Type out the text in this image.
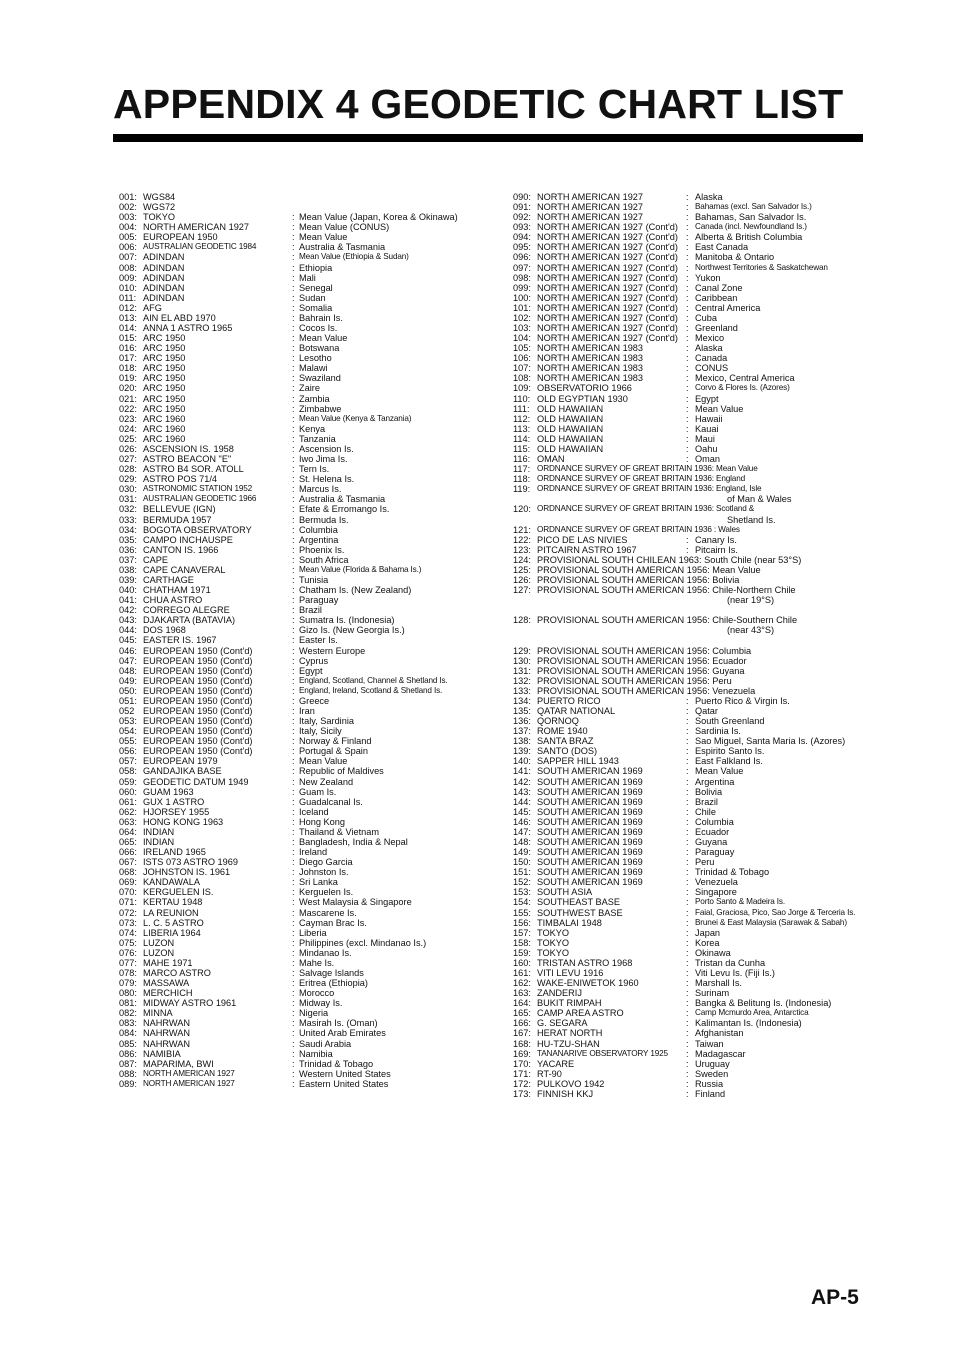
APPENDIX 4 GEODETIC CHART LIST
001: WGS84
002: WGS72
003: TOKYO	: Mean Value (Japan, Korea & Okinawa)
004: NORTH AMERICAN 1927	: Mean Value (CONUS)
005: EUROPEAN 1950	: Mean Value
006: AUSTRALIAN GEODETIC 1984	: Australia & Tasmania
007: ADINDAN	: Mean Value (Ethiopia & Sudan)
008: ADINDAN	: Ethiopia
009: ADINDAN	: Mali
010: ADINDAN	: Senegal
011: ADINDAN	: Sudan
012: AFG	: Somalia
013: AIN EL ABD 1970	: Bahrain Is.
014: ANNA 1 ASTRO 1965	: Cocos Is.
015: ARC 1950	: Mean Value
016: ARC 1950	: Botswana
017: ARC 1950	: Lesotho
018: ARC 1950	: Malawi
019: ARC 1950	: Swaziland
020: ARC 1950	: Zaire
021: ARC 1950	: Zambia
022: ARC 1950	: Zimbabwe
023: ARC 1960	: Mean Value (Kenya & Tanzania)
024: ARC 1960	: Kenya
025: ARC 1960	: Tanzania
026: ASCENSION IS. 1958	: Ascension Is.
027: ASTRO BEACON "E"	: Iwo Jima Is.
028: ASTRO B4 SOR. ATOLL	: Tern Is.
029: ASTRO POS 71/4	: St. Helena Is.
030: ASTRONOMIC STATION 1952	: Marcus Is.
031: AUSTRALIAN GEODETIC 1966	: Australia & Tasmania
032: BELLEVUE (IGN)	: Efate & Erromango Is.
033: BERMUDA 1957	: Bermuda Is.
034: BOGOTA OBSERVATORY	: Columbia
035: CAMPO INCHAUSPE	: Argentina
036: CANTON IS. 1966	: Phoenix Is.
037: CAPE	: South Africa
038: CAPE CANAVERAL	: Mean Value (Florida & Bahama Is.)
039: CARTHAGE	: Tunisia
040: CHATHAM 1971	: Chatham Is. (New Zealand)
041: CHUA ASTRO	: Paraguay
042: CORREGO ALEGRE	: Brazil
043: DJAKARTA (BATAVIA)	: Sumatra Is. (Indonesia)
044: DOS 1968	: Gizo Is. (New Georgia Is.)
045: EASTER IS. 1967	: Easter Is.
046: EUROPEAN 1950 (Cont'd)	: Western Europe
047: EUROPEAN 1950 (Cont'd)	: Cyprus
048: EUROPEAN 1950 (Cont'd)	: Egypt
049: EUROPEAN 1950 (Cont'd)	: England, Scotland, Channel & Shetland Is.
050: EUROPEAN 1950 (Cont'd)	: England, Ireland, Scotland & Shetland Is.
051: EUROPEAN 1950 (Cont'd)	: Greece
052 EUROPEAN 1950 (Cont'd)	: Iran
053: EUROPEAN 1950 (Cont'd)	: Italy, Sardinia
054: EUROPEAN 1950 (Cont'd)	: Italy, Sicily
055: EUROPEAN 1950 (Cont'd)	: Norway & Finland
056: EUROPEAN 1950 (Cont'd)	: Portugal & Spain
057: EUROPEAN 1979	: Mean Value
058: GANDAJIKA BASE	: Republic of Maldives
059: GEODETIC DATUM 1949	: New Zealand
060: GUAM 1963	: Guam Is.
061: GUX 1 ASTRO	: Guadalcanal Is.
062: HJORSEY 1955	: Iceland
063: HONG KONG 1963	: Hong Kong
064: INDIAN	: Thailand & Vietnam
065: INDIAN	: Bangladesh, India & Nepal
066: IRELAND 1965	: Ireland
067: ISTS 073 ASTRO 1969	: Diego Garcia
068: JOHNSTON IS. 1961	: Johnston Is.
069: KANDAWALA	: Sri Lanka
070: KERGUELEN IS.	: Kerguelen Is.
071: KERTAU 1948	: West Malaysia & Singapore
072: LA REUNION	: Mascarene Is.
073: L. C. 5 ASTRO	: Cayman Brac Is.
074: LIBERIA 1964	: Liberia
075: LUZON	: Philippines (excl. Mindanao Is.)
076: LUZON	: Mindanao Is.
077: MAHE 1971	: Mahe Is.
078: MARCO ASTRO	: Salvage Islands
079: MASSAWA	: Eritrea (Ethiopia)
080: MERCHICH	: Morocco
081: MIDWAY ASTRO 1961	: Midway Is.
082: MINNA	: Nigeria
083: NAHRWAN	: Masirah Is. (Oman)
084: NAHRWAN	: United Arab Emirates
085: NAHRWAN	: Saudi Arabia
086: NAMIBIA	: Namibia
087: MAPARIMA, BWI	: Trinidad & Tobago
088: NORTH AMERICAN 1927	: Western United States
089: NORTH AMERICAN 1927	: Eastern United States
090: NORTH AMERICAN 1927	: Alaska
091: NORTH AMERICAN 1927	: Bahamas (excl. San Salvador Is.)
092: NORTH AMERICAN 1927	: Bahamas, San Salvador Is.
093: NORTH AMERICAN 1927 (Cont'd) : Canada (incl. Newfoundland Is.)
094: NORTH AMERICAN 1927 (Cont'd) : Alberta & British Columbia
095: NORTH AMERICAN 1927 (Cont'd) : East Canada
096: NORTH AMERICAN 1927 (Cont'd) : Manitoba & Ontario
097: NORTH AMERICAN 1927 (Cont'd) : Northwest Territories & Saskatchewan
098: NORTH AMERICAN 1927 (Cont'd) : Yukon
099: NORTH AMERICAN 1927 (Cont'd) : Canal Zone
100: NORTH AMERICAN 1927 (Cont'd) : Caribbean
101: NORTH AMERICAN 1927 (Cont'd) : Central America
102: NORTH AMERICAN 1927 (Cont'd) : Cuba
103: NORTH AMERICAN 1927 (Cont'd) : Greenland
104: NORTH AMERICAN 1927 (Cont'd) : Mexico
105: NORTH AMERICAN 1983	: Alaska
106: NORTH AMERICAN 1983	: Canada
107: NORTH AMERICAN 1983	: CONUS
108: NORTH AMERICAN 1983	: Mexico, Central America
109: OBSERVATORIO 1966	: Corvo & Flores Is. (Azores)
110: OLD EGYPTIAN 1930	: Egypt
111: OLD HAWAIIAN	: Mean Value
112: OLD HAWAIIAN	: Hawaii
113: OLD HAWAIIAN	: Kauai
114: OLD HAWAIIAN	: Maui
115: OLD HAWAIIAN	: Oahu
116: OMAN	: Oman
117: ORDNANCE SURVEY OF GREAT BRITAIN 1936: Mean Value
118: ORDNANCE SURVEY OF GREAT BRITAIN 1936: England
119: ORDNANCE SURVEY OF GREAT BRITAIN 1936: England, Isle
of Man & Wales
120: ORDNANCE SURVEY OF GREAT BRITAIN 1936: Scotland &
Shetland Is.
121: ORDNANCE SURVEY OF GREAT BRITAIN 1936 : Wales
122: PICO DE LAS NIVIES	: Canary Is.
123: PITCAIRN ASTRO 1967	: Pitcairn Is.
124: PROVISIONAL SOUTH CHILEAN 1963: South Chile (near 53°S)
125: PROVISIONAL SOUTH AMERICAN 1956: Mean Value
126: PROVISIONAL SOUTH AMERICAN 1956: Bolivia
127: PROVISIONAL SOUTH AMERICAN 1956: Chile-Northern Chile
(near 19°S)
128: PROVISIONAL SOUTH AMERICAN 1956: Chile-Southern Chile
(near 43°S)
129: PROVISIONAL SOUTH AMERICAN 1956: Columbia
130: PROVISIONAL SOUTH AMERICAN 1956: Ecuador
131: PROVISIONAL SOUTH AMERICAN 1956: Guyana
132: PROVISIONAL SOUTH AMERICAN 1956: Peru
133: PROVISIONAL SOUTH AMERICAN 1956: Venezuela
134: PUERTO RICO	: Puerto Rico & Virgin Is.
135: QATAR NATIONAL	: Qatar
136: QORNOQ	: South Greenland
137: ROME 1940	: Sardinia Is.
138: SANTA BRAZ	: Sao Miguel, Santa Maria Is. (Azores)
139: SANTO (DOS)	: Espirito Santo Is.
140: SAPPER HILL 1943	: East Falkland Is.
141: SOUTH AMERICAN 1969	: Mean Value
142: SOUTH AMERICAN 1969	: Argentina
143: SOUTH AMERICAN 1969	: Bolivia
144: SOUTH AMERICAN 1969	: Brazil
145: SOUTH AMERICAN 1969	: Chile
146: SOUTH AMERICAN 1969	: Columbia
147: SOUTH AMERICAN 1969	: Ecuador
148: SOUTH AMERICAN 1969	: Guyana
149: SOUTH AMERICAN 1969	: Paraguay
150: SOUTH AMERICAN 1969	: Peru
151: SOUTH AMERICAN 1969	: Trinidad & Tobago
152: SOUTH AMERICAN 1969	: Venezuela
153: SOUTH ASIA	: Singapore
154: SOUTHEAST BASE	: Porto Santo & Madeira Is.
155: SOUTHWEST BASE	: Faial, Graciosa, Pico, Sao Jorge & Terceria Is.
156: TIMBALAI 1948	: Brunei & East Malaysia (Sarawak & Sabah)
157: TOKYO	: Japan
158: TOKYO	: Korea
159: TOKYO	: Okinawa
160: TRISTAN ASTRO 1968	: Tristan da Cunha
161: VITI LEVU 1916	: Viti Levu Is. (Fiji Is.)
162: WAKE-ENIWETOK 1960	: Marshall Is.
163: ZANDERIJ	: Surinam
164: BUKIT RIMPAH	: Bangka & Belitung Is. (Indonesia)
165: CAMP AREA ASTRO	: Camp Mcmurdo Area, Antarctica
166: G. SEGARA	: Kalimantan Is. (Indonesia)
167: HERAT NORTH	: Afghanistan
168: HU-TZU-SHAN	: Taiwan
169: TANANARIVE OBSERVATORY 1925 : Madagascar
170: YACARE	: Uruguay
171: RT-90	: Sweden
172: PULKOVO 1942	: Russia
173: FINNISH KKJ	: Finland
AP-5
